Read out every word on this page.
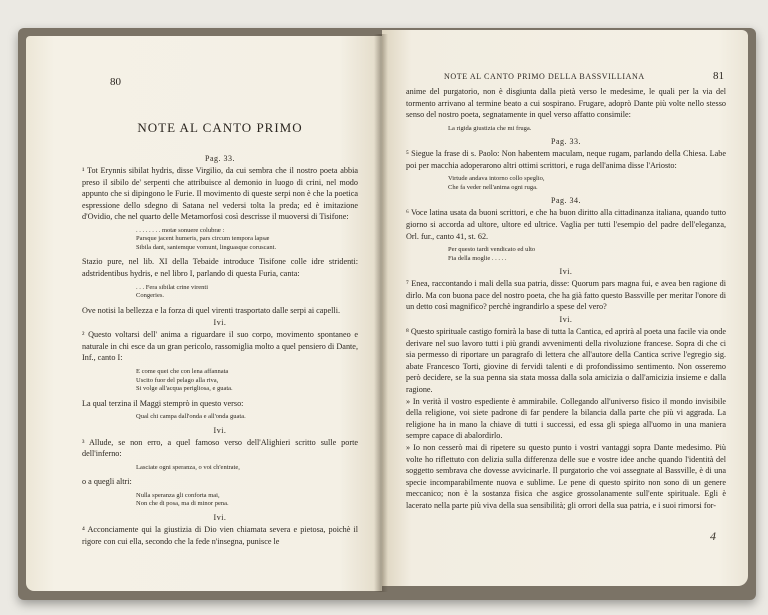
80
NOTE AL CANTO PRIMO
Pag. 33.

¹ Tot Erynnis sibilat hydris, disse Virgilio, da cui sembra che il nostro poeta abbia preso il sibilo de' serpenti che attribuisce al demonio in luogo di crini, nel modo appunto che si dipingono le Furie. Il movimento di queste serpi non è che la poetica espressione dello sdegno di Satana nel vedersi tolta la preda; ed è imitazione d'Ovidio, che nel quarto delle Metamorfosi così descrisse il muoversi di Tisifone:

. . . . . . . . motæ sonuere colubræ :
Parsque jacent humeris, pars circum tempora lapsæ
Sibila dant, saniemque vomunt, linguasque coruscant.

Stazio pure, nel lib. XI della Tebaide introduce Tisifone colle idre stridenti: adstridentibus hydris, e nel libro I, parlando di questa Furia, canta:

. . . Fera sibilat crine virenti
Congeries.

Ove notisi la bellezza e la forza di quel virenti trasportato dalle serpi ai capelli.

Ivi.

² Questo voltarsi dell' anima a riguardare il suo corpo, movimento spontaneo e naturale in chi esce da un gran pericolo, rassomiglia molto a quel pensiero di Dante, Inf., canto I:

E come quei che con lena affannata
Uscito fuor del pelago alla riva,
Si volge all'acqua perigliosa, e guata.

La qual terzina il Maggi stemprò in questo verso:

Qual chi campa dall'onda e all'onda guata.
Ivi.

³ Allude, se non erro, a quel famoso verso dell'Alighieri scritto sulle porte dell'inferno:

Lasciate ogni speranza, o voi ch'entrate,

o a quegli altri:

Nulla speranza gli conforta mai,
Non che di posa, ma di minor pena.
Ivi.

⁴ Acconciamente qui la giustizia di Dio vien chiamata severa e pietosa, poichè il rigore con cui ella, secondo che la fede n'insegna, punisce le

NOTE AL CANTO PRIMO DELLA BASSVILLIANA	81

anime del purgatorio, non è disgiunta dalla pietà verso le medesime, le quali per la via del tormento arrivano al termine beato a cui sospirano. Frugare, adoprò Dante più volte nello stesso senso del nostro poeta, segnatamente in quel verso affatto consimile:

La rigida giustizia che mi fruga.
Pag. 33.

⁵ Siegue la frase di s. Paolo: Non habentem maculam, neque rugam, parlando della Chiesa. Labe poi per macchia adoperarono altri ottimi scrittori, e ruga dell'anima disse l'Ariosto:

Virtude andava intorno collo speglio,
Che fa veder nell'anima ogni ruga.
Pag. 34.

⁶ Voce latina usata da buoni scrittori, e che ha buon diritto alla cittadinanza italiana, quando tutto giorno si accorda ad ultore, ultore ed ultrice. Vaglia per tutti l'esempio del padre dell'eleganza, Orl. fur., canto 41, st. 62.

Per questo tardi vendicato ed ulto
Fia della moglie . . . . .
Ivi.

⁷ Enea, raccontando i mali della sua patria, disse: Quorum pars magna fui, e avea ben ragione di dirlo. Ma con buona pace del nostro poeta, che ha già fatto questo Bassville per meritar l'onore di un detto così magnifico? perchè ingrandirlo a spese del vero?

Ivi.

⁸ Questo spirituale castigo fornirà la base di tutta la Cantica, ed aprirà al poeta una facile via onde derivare nel suo lavoro tutti i più grandi avvenimenti della rivoluzione francese. Sopra di che ci sia permesso di riportare un paragrafo di lettera che all'autore della Cantica scrive l'egregio sig. abate Francesco Torti, giovine di fervidi talenti e di profondissimo sentimento. Non osseremo però decidere, se la sua penna sia stata mossa dalla sola amicizia o dall'amicizia insieme e dalla ragione.

» In verità il vostro espediente è ammirabile. Collegando all'universo fisico il mondo invisibile della religione, voi siete padrone di far pendere la bilancia dalla parte che più vi aggrada. La religione ha in mano la chiave di tutti i successi, ed essa gli spiega all'uomo in una maniera sempre capace di abalordirlo.

» Io non cesserò mai di ripetere su questo punto i vostri vantaggi sopra Dante medesimo. Più volte ho riflettuto con delizia sulla differenza delle sue e vostre idee anche quando l'identità del soggetto sembrava che dovesse avvicinarle. Il purgatorio che voi assegnate al Bassville, è di una specie incomparabilmente nuova e sublime. Le pene di questo spirito non sono di un genere meccanico; non è la sostanza fisica che asgice grossolanamente sull'ente spirituale. Egli è lacerato nella parte più viva della sua sensibilità; gli orrori della sua patria, e i suoi rimorsi for-

4
